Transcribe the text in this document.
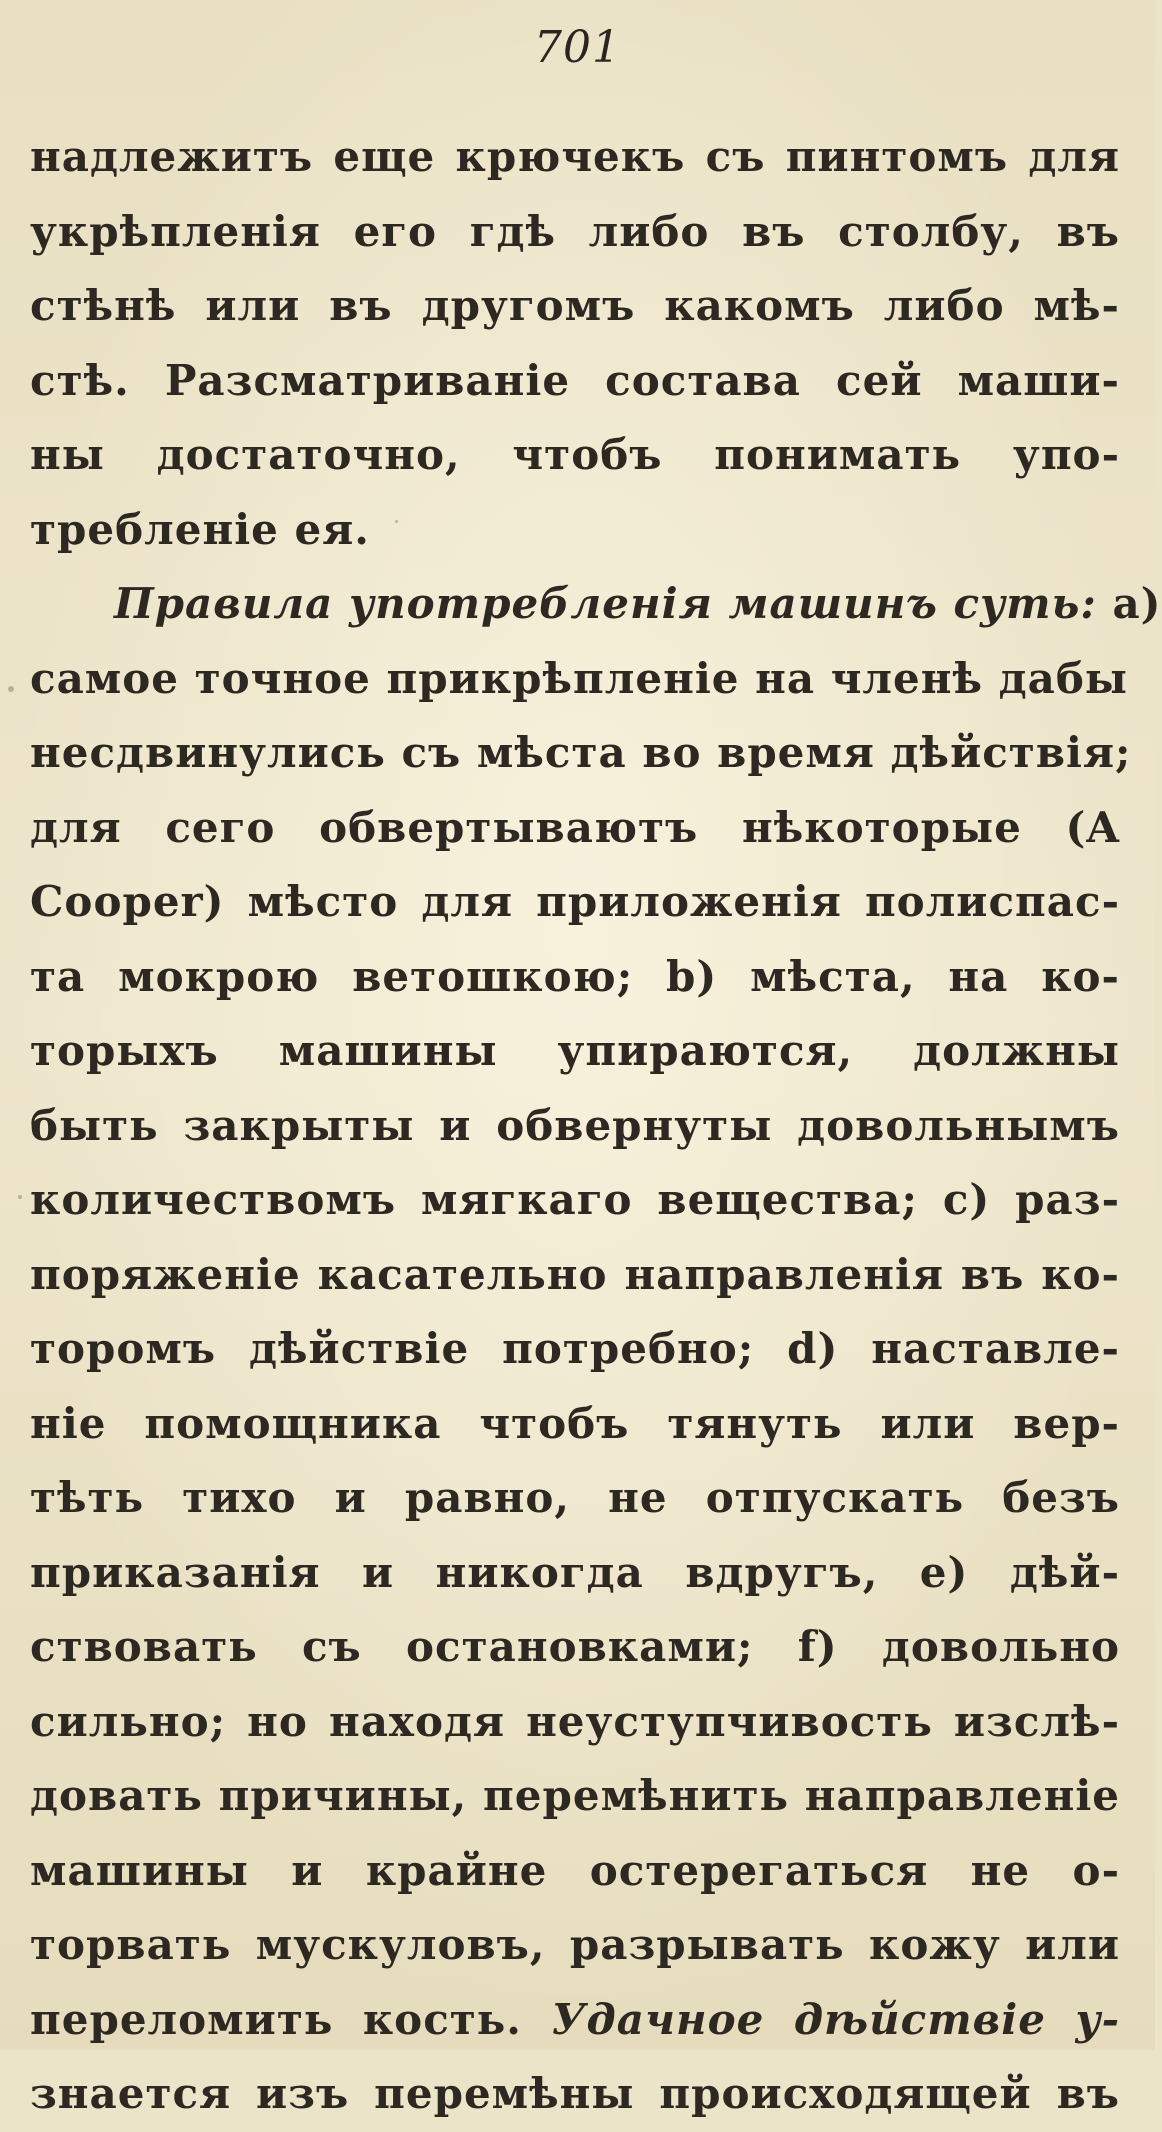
701
надлежитъ еще крючекъ съ пинтомъ для
укрѣпленія его гдѣ либо въ столбу, въ
стѣнѣ или въ другомъ какомъ либо мѣ-
стѣ. Разсматриваніе состава сей маши-
ны достаточно, чтобъ понимать упо-
требленіе ея.
Правила употребленія машинъ суть: а)
самое точное прикрѣпленіе на членѣ дабы
несдвинулись съ мѣста во время дѣйствія;
для сего обвертываютъ нѣкоторые (A
Cooper) мѣсто для приложенія полиспас-
та мокрою ветошкою; b) мѣста, на ко-
торыхъ машины упираются, должны
быть закрыты и обвернуты довольнымъ
количествомъ мягкаго вещества; c) раз-
поряженіе касательно направленія въ ко-
торомъ дѣйствіе потребно; d) наставле-
ніе помощника чтобъ тянуть или вер-
тѣть тихо и равно, не отпускать безъ
приказанія и никогда вдругъ, e) дѣй-
ствовать съ остановками; f) довольно
сильно; но находя неуступчивость изслѣ-
довать причины, перемѣнить направленіе
машины и крайне остерегаться не о-
торвать мускуловъ, разрывать кожу или
переломить кость. Удачное дѣйствіе у-
знается изъ перемѣны происходящей въ
